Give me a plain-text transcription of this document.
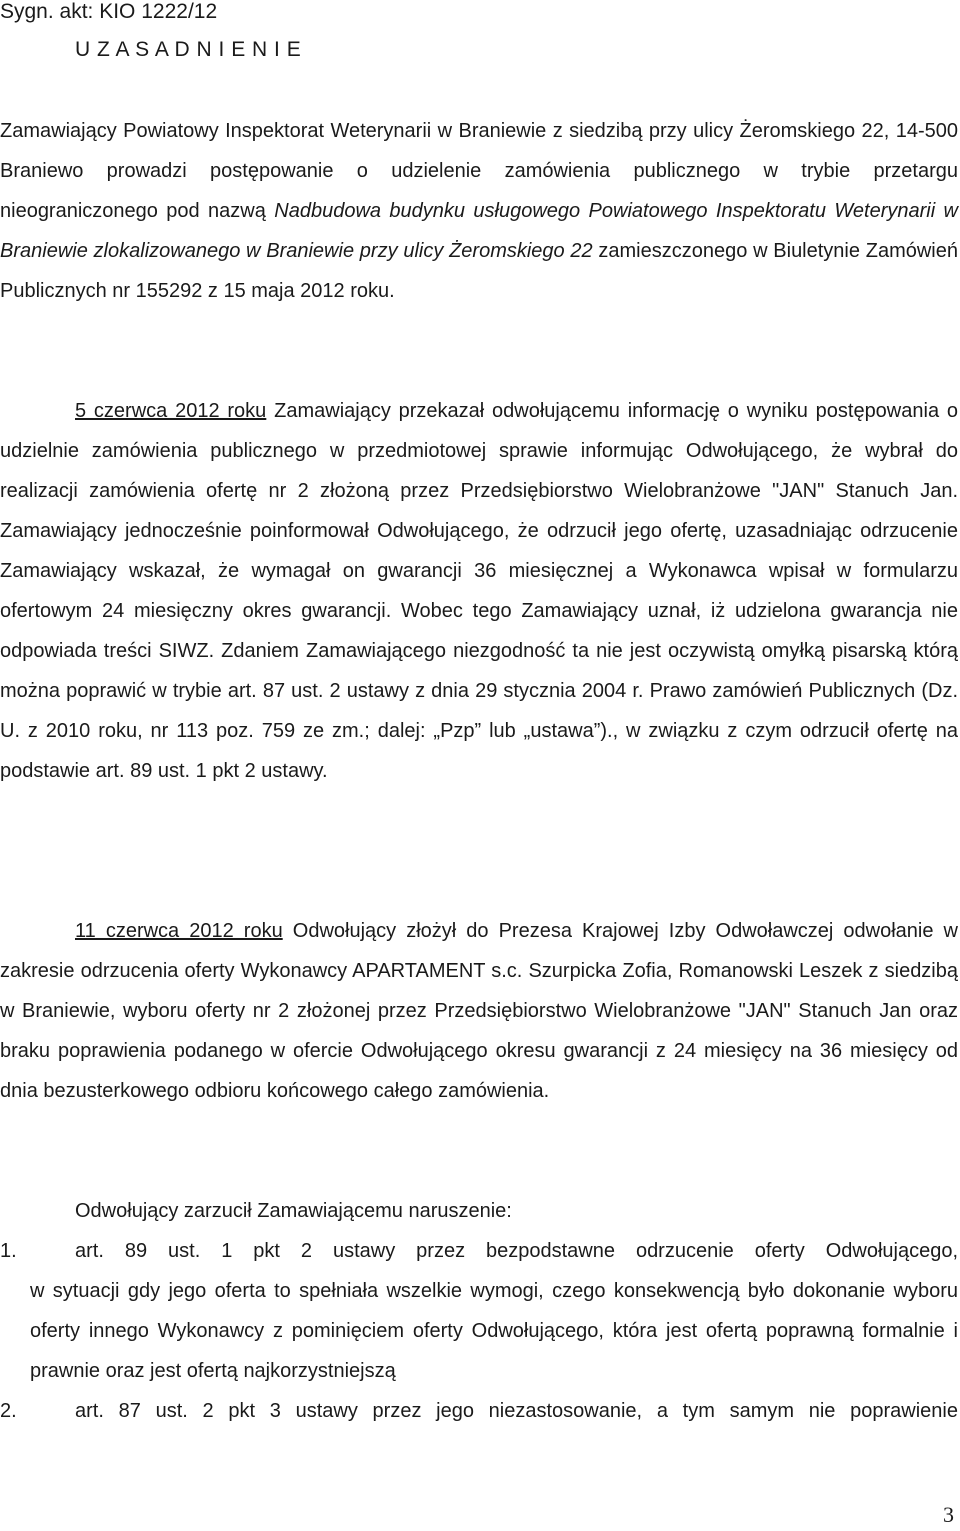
Sygn. akt: KIO 1222/12
U Z A S A D N I E N I E
Zamawiający Powiatowy Inspektorat Weterynarii w Braniewie z siedzibą przy ulicy Żeromskiego 22, 14-500 Braniewo prowadzi postępowanie o udzielenie zamówienia publicznego w trybie przetargu nieograniczonego pod nazwą Nadbudowa budynku usługowego Powiatowego Inspektoratu Weterynarii w Braniewie zlokalizowanego w Braniewie przy ulicy Żeromskiego 22 zamieszczonego w Biuletynie Zamówień Publicznych nr 155292 z 15 maja 2012 roku.
5 czerwca 2012 roku Zamawiający przekazał odwołującemu informację o wyniku postępowania o udzielnie zamówienia publicznego w przedmiotowej sprawie informując Odwołującego, że wybrał do realizacji zamówienia ofertę nr 2 złożoną przez Przedsiębiorstwo Wielobranżowe "JAN" Stanuch Jan. Zamawiający jednocześnie poinformował Odwołującego, że odrzucił jego ofertę, uzasadniając odrzucenie Zamawiający wskazał, że wymagał on gwarancji 36 miesięcznej a Wykonawca wpisał w formularzu ofertowym 24 miesięczny okres gwarancji. Wobec tego Zamawiający uznał, iż udzielona gwarancja nie odpowiada treści SIWZ. Zdaniem Zamawiającego niezgodność ta nie jest oczywistą omyłką pisarską którą można poprawić w trybie art. 87 ust. 2 ustawy z dnia 29 stycznia 2004 r. Prawo zamówień Publicznych (Dz. U. z 2010 roku, nr 113 poz. 759 ze zm.; dalej: „Pzp” lub „ustawa”)., w związku z czym odrzucił ofertę na podstawie art. 89 ust. 1 pkt 2 ustawy.
11 czerwca 2012 roku Odwołujący złożył do Prezesa Krajowej Izby Odwoławczej odwołanie w zakresie odrzucenia oferty Wykonawcy APARTAMENT s.c. Szurpicka Zofia, Romanowski Leszek z siedzibą w Braniewie, wyboru oferty nr 2 złożonej przez Przedsiębiorstwo Wielobranżowe "JAN" Stanuch Jan oraz braku poprawienia podanego w ofercie Odwołującego okresu gwarancji z 24 miesięcy na 36 miesięcy od dnia bezusterkowego odbioru końcowego całego zamówienia.
Odwołujący zarzucił Zamawiającemu naruszenie:
1.	art. 89 ust. 1 pkt 2 ustawy przez bezpodstawne odrzucenie oferty Odwołującego,
w sytuacji gdy jego oferta to spełniała wszelkie wymogi, czego konsekwencją było dokonanie wyboru oferty innego Wykonawcy z pominięciem oferty Odwołującego, która jest ofertą poprawną formalnie i prawnie oraz jest ofertą najkorzystniejszą
2.	art. 87 ust. 2 pkt 3 ustawy przez jego niezastosowanie, a tym samym nie poprawienie
3
